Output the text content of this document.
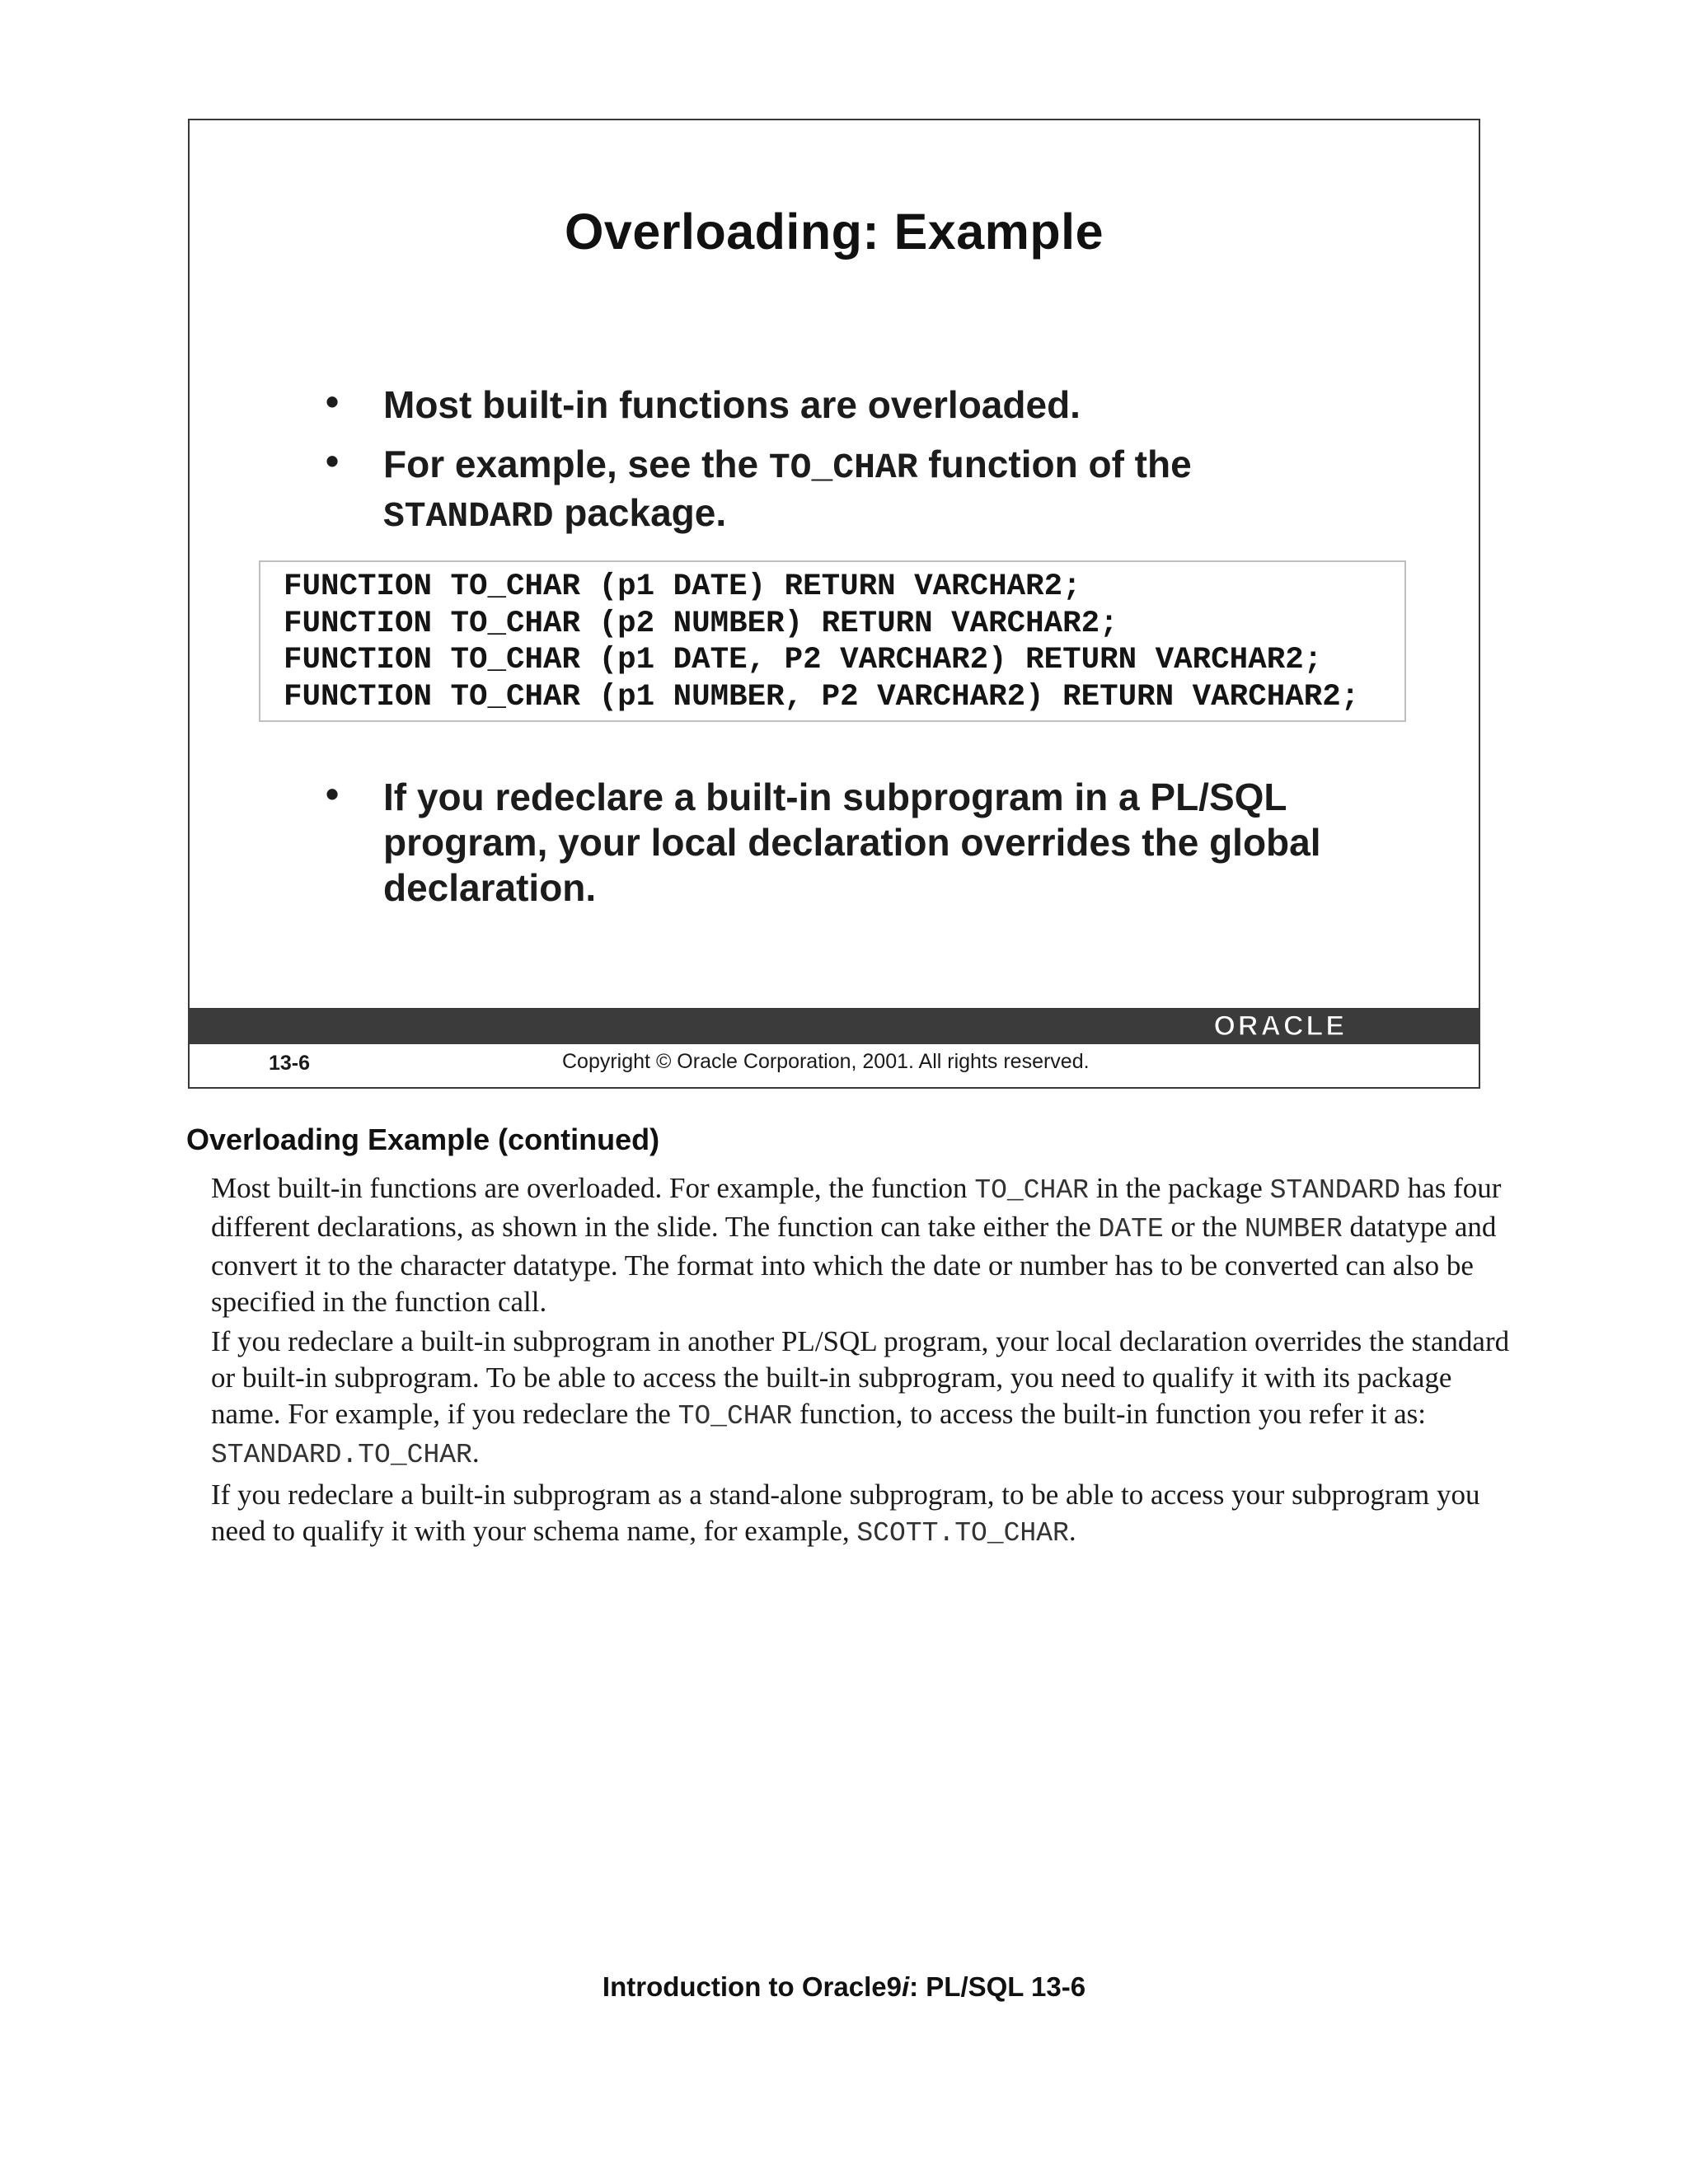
Overloading: Example
• Most built-in functions are overloaded.
• For example, see the TO_CHAR function of the
STANDARD package.
FUNCTION TO_CHAR (p1 DATE) RETURN VARCHAR2;
FUNCTION TO_CHAR (p2 NUMBER) RETURN VARCHAR2;
FUNCTION TO_CHAR (p1 DATE, P2 VARCHAR2) RETURN VARCHAR2;
FUNCTION TO_CHAR (p1 NUMBER, P2 VARCHAR2) RETURN VARCHAR2;
• If you redeclare a built-in subprogram in a PL/SQL program, your local declaration overrides the global declaration.
ORACLE
13-6	Copyright © Oracle Corporation, 2001. All rights reserved.
Overloading Example (continued)
Most built-in functions are overloaded. For example, the function TO_CHAR in the package STANDARD has four different declarations, as shown in the slide. The function can take either the DATE or the NUMBER datatype and convert it to the character datatype. The format into which the date or number has to be converted can also be specified in the function call.
If you redeclare a built-in subprogram in another PL/SQL program, your local declaration overrides the standard or built-in subprogram. To be able to access the built-in subprogram, you need to qualify it with its package name. For example, if you redeclare the TO_CHAR function, to access the built-in function you refer it as: STANDARD.TO_CHAR.
If you redeclare a built-in subprogram as a stand-alone subprogram, to be able to access your subprogram you need to qualify it with your schema name, for example, SCOTT.TO_CHAR.
Introduction to Oracle9i: PL/SQL 13-6
